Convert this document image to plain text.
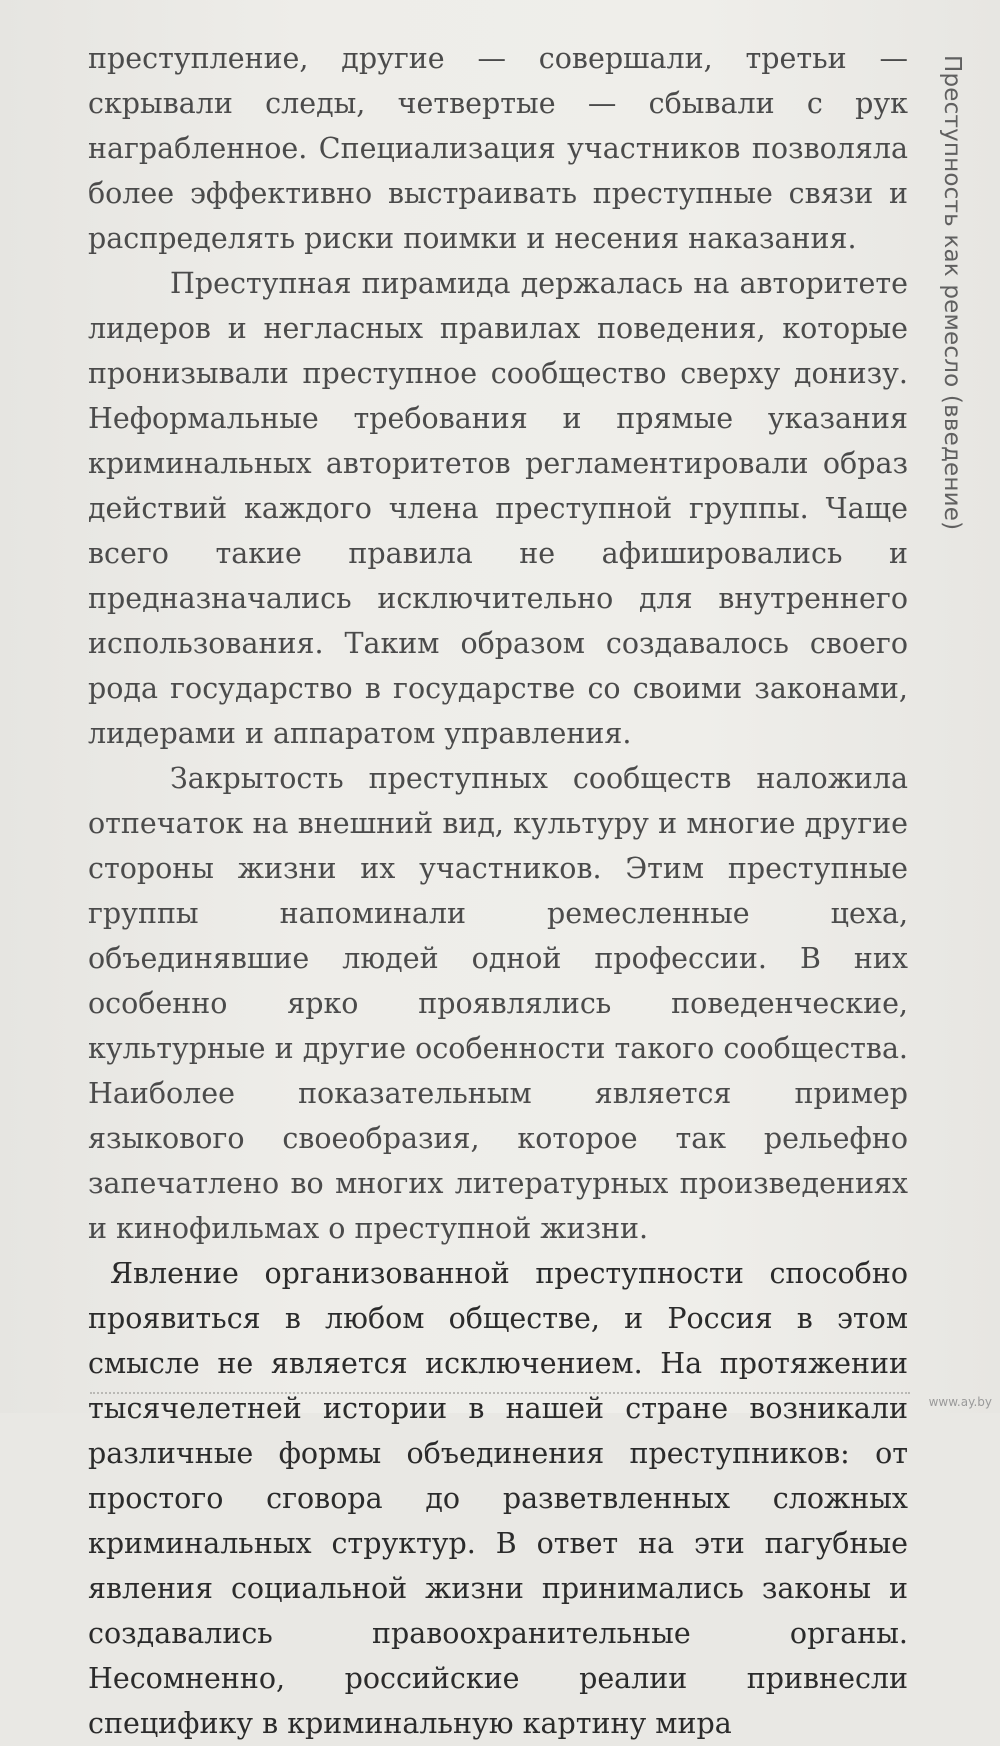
преступление, другие — совершали, третьи — скрывали следы, четвертые — сбывали с рук награбленное. Специализация участников позволяла более эффективно выстраивать преступные связи и распределять риски поимки и несения наказания.

Преступная пирамида держалась на авторитете лидеров и негласных правилах поведения, которые пронизывали преступное сообщество сверху донизу. Неформальные требования и прямые указания криминальных авторитетов регламентировали образ действий каждого члена преступной группы. Чаще всего такие правила не афишировались и предназначались исключительно для внутреннего использования. Таким образом создавалось своего рода государство в государстве со своими законами, лидерами и аппаратом управления.

Закрытость преступных сообществ наложила отпечаток на внешний вид, культуру и многие другие стороны жизни их участников. Этим преступные группы напоминали ремесленные цеха, объединявшие людей одной профессии. В них особенно ярко проявлялись поведенческие, культурные и другие особенности такого сообщества. Наиболее показательным является пример языкового своеобразия, которое так рельефно запечатлено во многих литературных произведениях и кинофильмах о преступной жизни.

Явление организованной преступности способно проявиться в любом обществе, и Россия в этом смысле не является исключением. На протяжении тысячелетней истории в нашей стране возникали различные формы объединения преступников: от простого сговора до разветвленных сложных криминальных структур. В ответ на эти пагубные явления социальной жизни принимались законы и создавались правоохранительные органы. Несомненно, российские реалии привнесли специфику в криминальную картину мира

Преступность как ремесло (введение)
www.ay.by
